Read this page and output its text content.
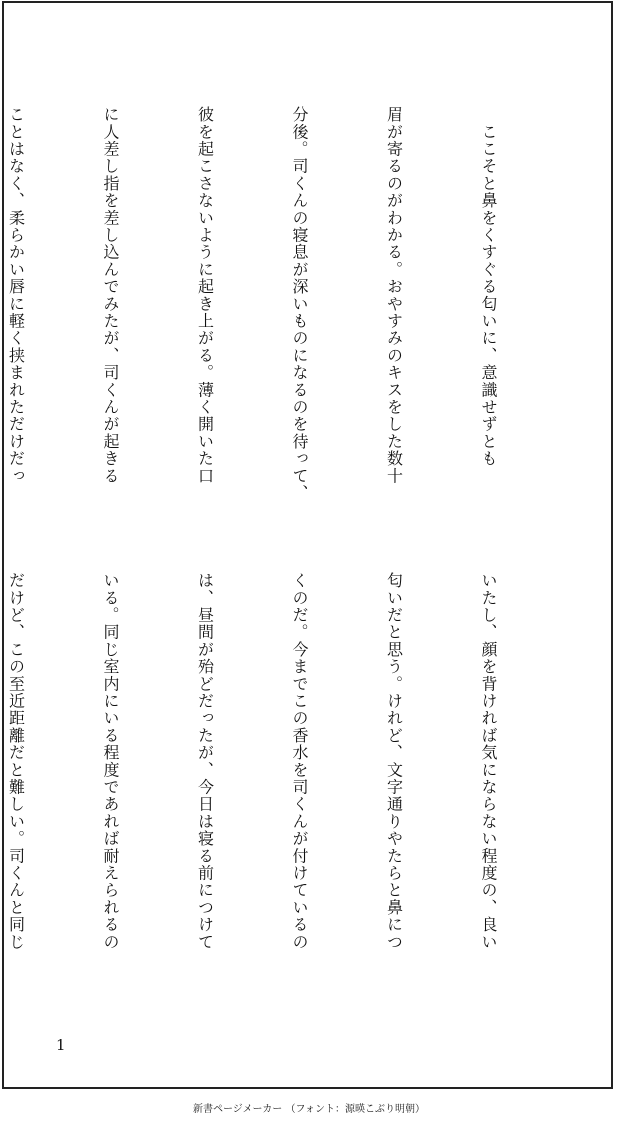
　ここそと鼻をくすぐる匂いに、意識せずとも

眉が寄るのがわかる。おやすみのキスをした数十

分後。司くんの寝息が深いものになるのを待って、

彼を起こさないように起き上がる。薄く開いた口

に人差し指を差し込んでみたが、司くんが起きる

ことはなく、柔らかい唇に軽く挟まれただけだっ

いたし、顔を背ければ気にならない程度の、良い

匂いだと思う。けれど、文字通りやたらと鼻につ

くのだ。今までこの香水を司くんが付けているの

は、昼間が殆どだったが、今日は寝る前につけて

いる。同じ室内にいる程度であれば耐えられるの

だけど、この至近距離だと難しい。司くんと同じ

1
新書ページメーカー （フォント：源暎こぶり明朝）
